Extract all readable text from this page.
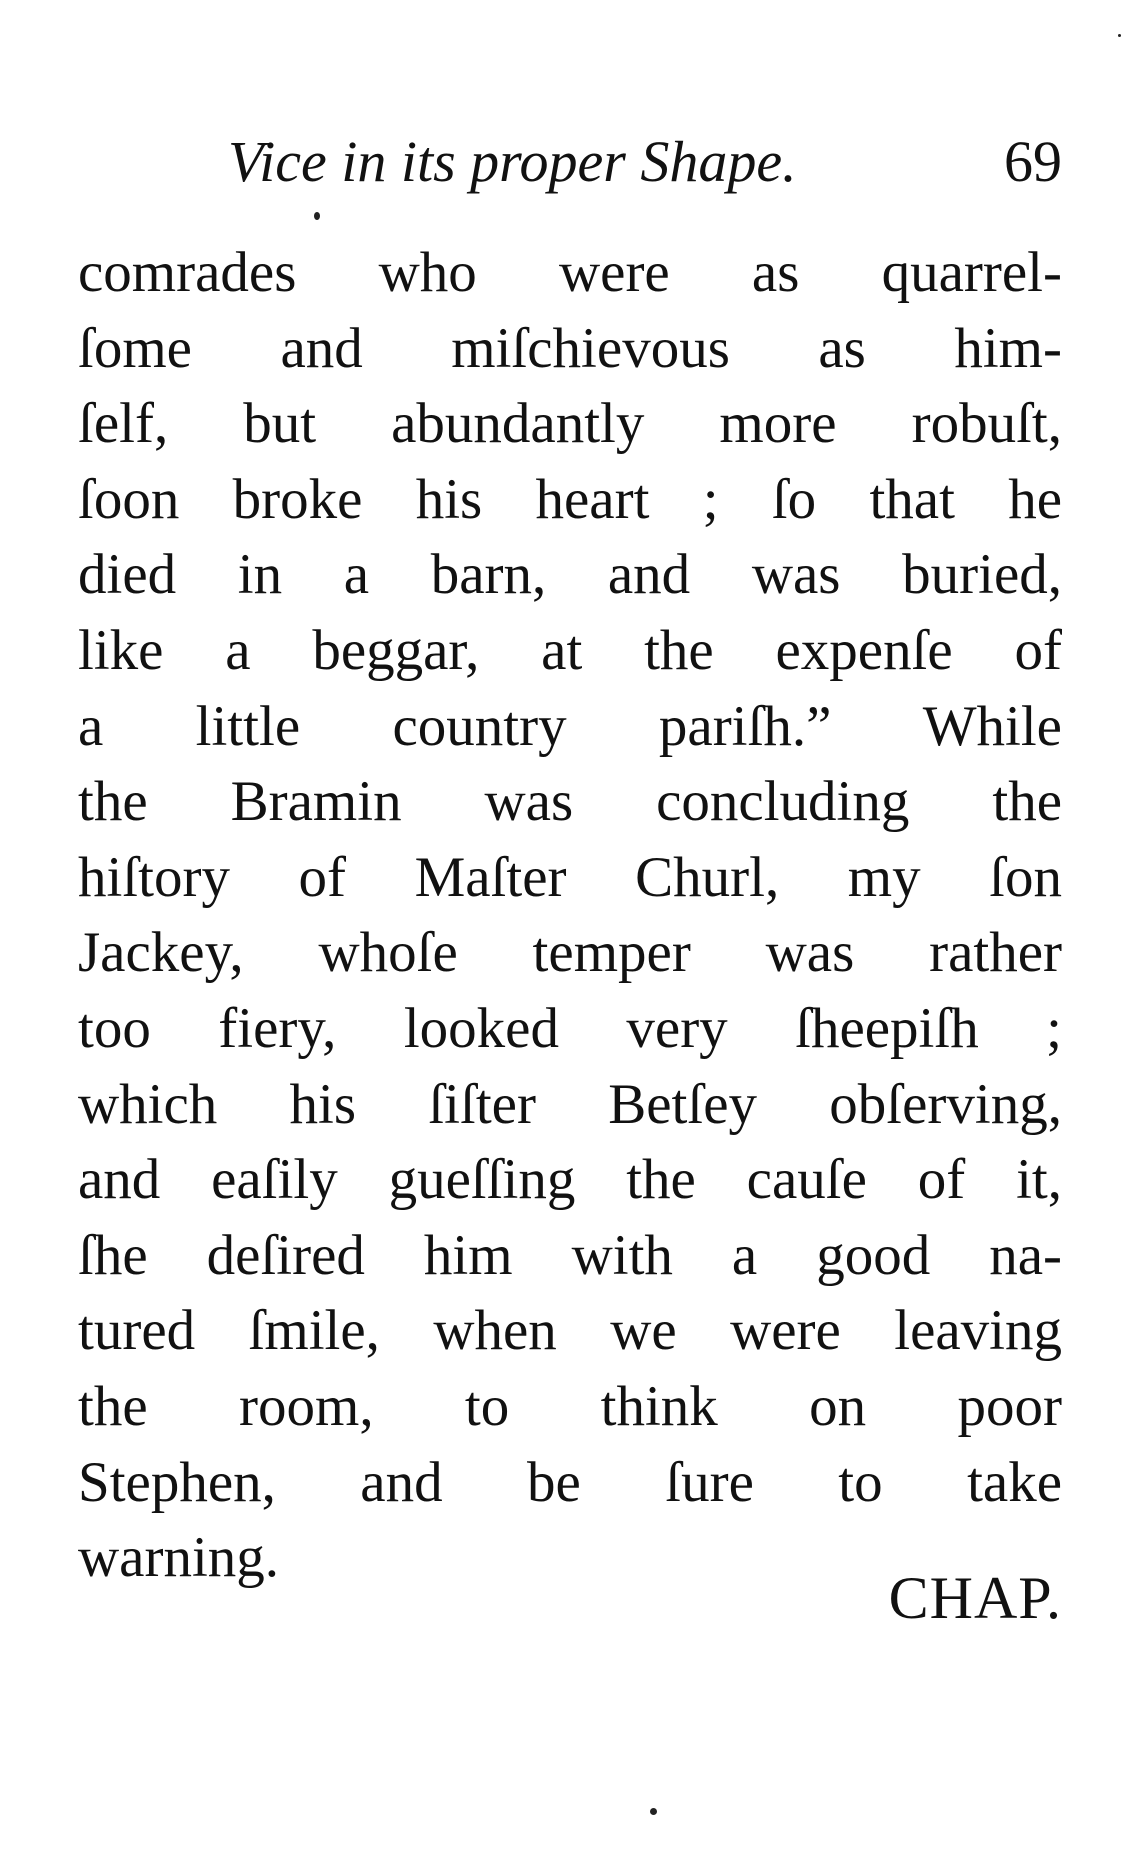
Vice in its proper Shape.	69
comrades who were as quarrel-
ſome and miſchievous as him-
ſelf, but abundantly more robuſt,
ſoon broke his heart ; ſo that he
died in a barn, and was buried,
like a beggar, at the expenſe of
a little country pariſh.” While
the Bramin was concluding the
hiſtory of Maſter Churl, my ſon
Jackey, whoſe temper was rather
too fiery, looked very ſheepiſh ;
which his ſiſter Betſey obſerving,
and eaſily gueſſing the cauſe of it,
ſhe deſired him with a good na-
tured ſmile, when we were leaving
the room, to think on poor
Stephen, and be ſure to take
warning.
CHAP.
